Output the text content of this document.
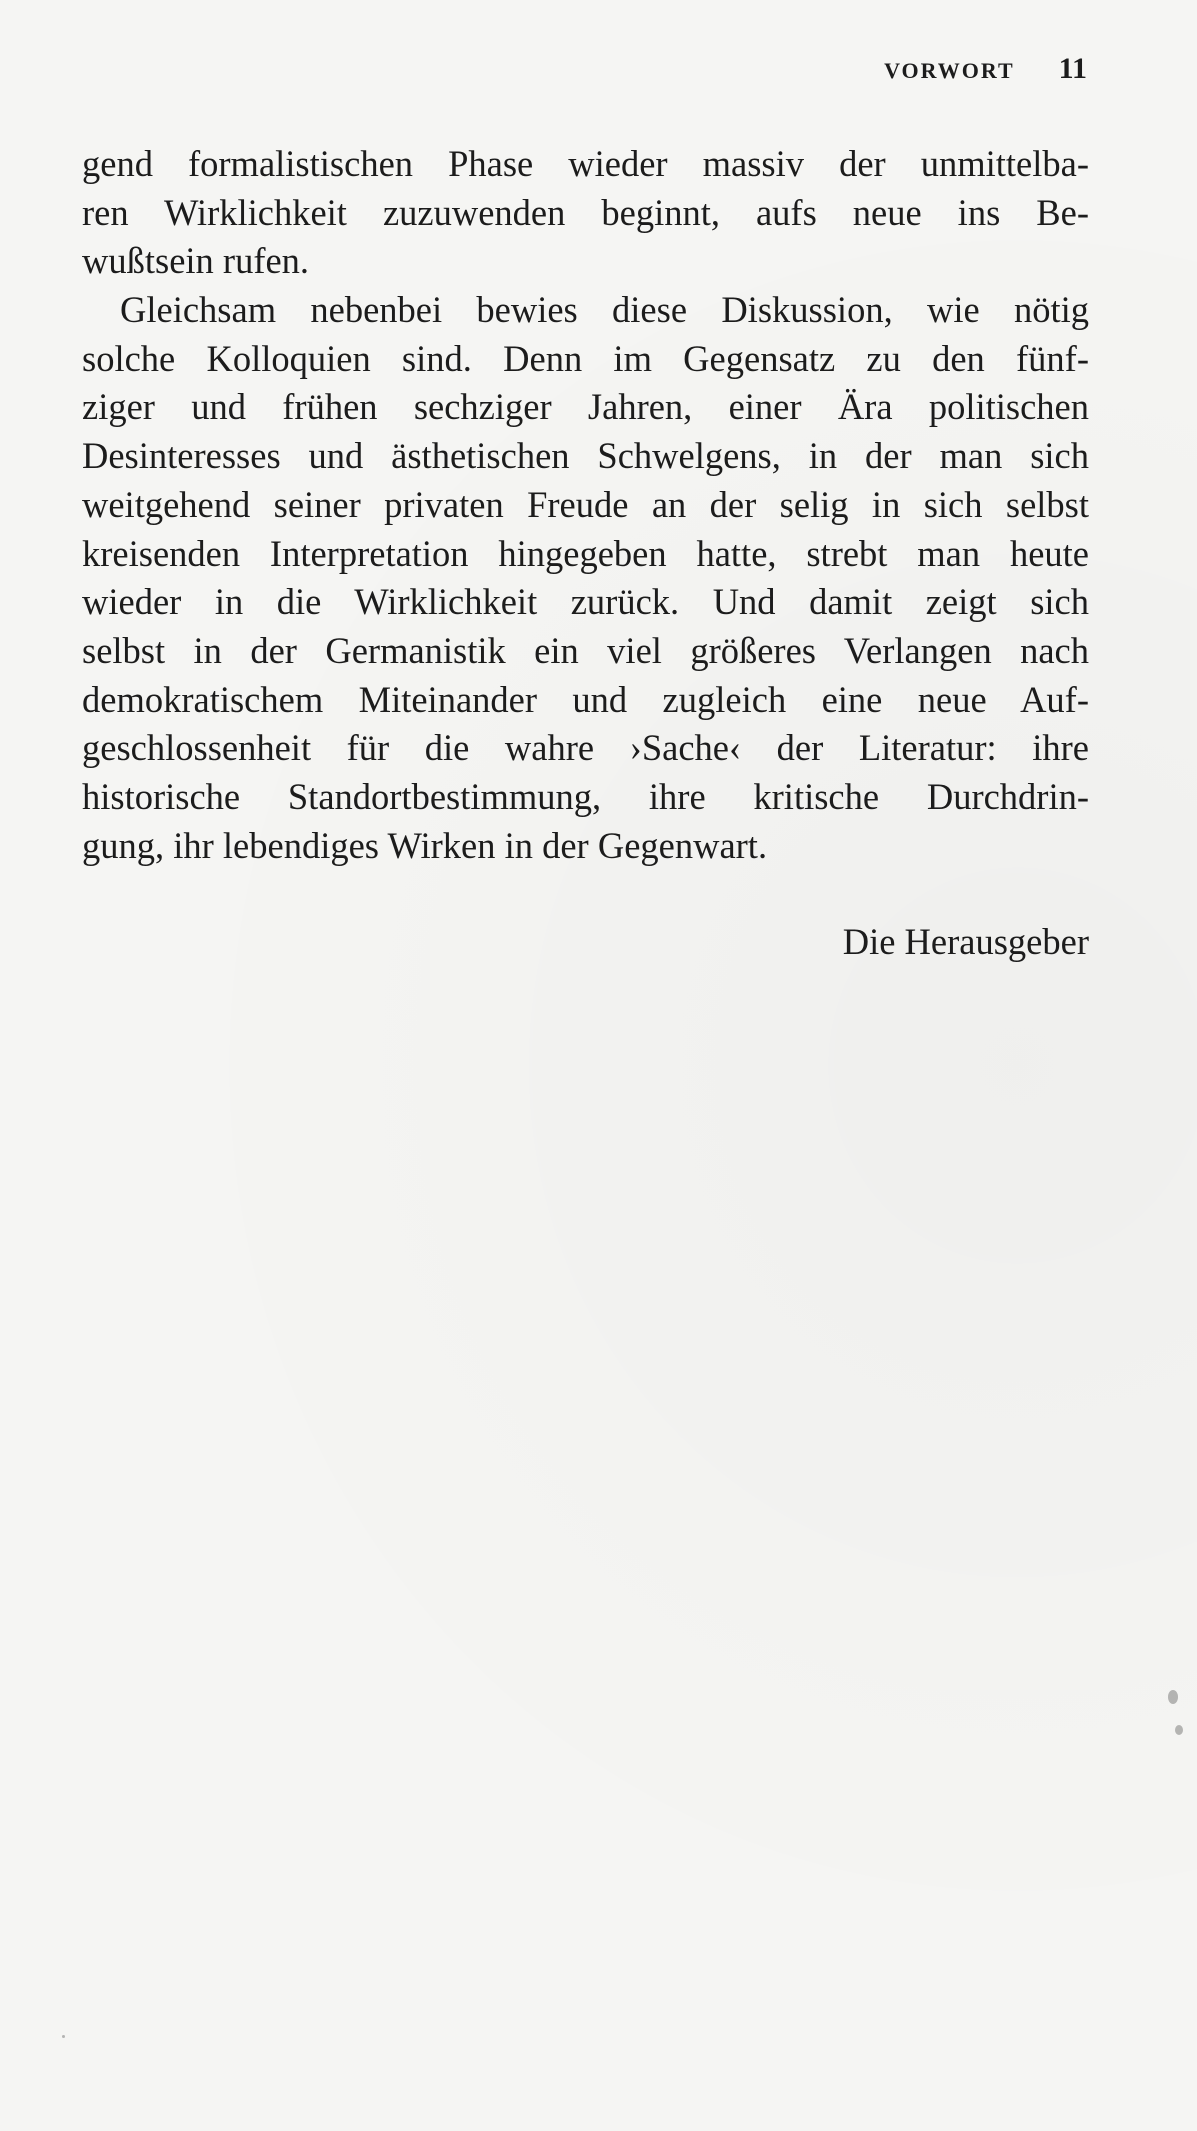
VORWORT 11
gend formalistischen Phase wieder massiv der unmittelba-
ren Wirklichkeit zuzuwenden beginnt, aufs neue ins Be-
wußtsein rufen.
Gleichsam nebenbei bewies diese Diskussion, wie nötig
solche Kolloquien sind. Denn im Gegensatz zu den fünf-
ziger und frühen sechziger Jahren, einer Ära politischen
Desinteresses und ästhetischen Schwelgens, in der man sich
weitgehend seiner privaten Freude an der selig in sich selbst
kreisenden Interpretation hingegeben hatte, strebt man heute
wieder in die Wirklichkeit zurück. Und damit zeigt sich
selbst in der Germanistik ein viel größeres Verlangen nach
demokratischem Miteinander und zugleich eine neue Auf-
geschlossenheit für die wahre ›Sache‹ der Literatur: ihre
historische Standortbestimmung, ihre kritische Durchdrin-
gung, ihr lebendiges Wirken in der Gegenwart.
Die Herausgeber
